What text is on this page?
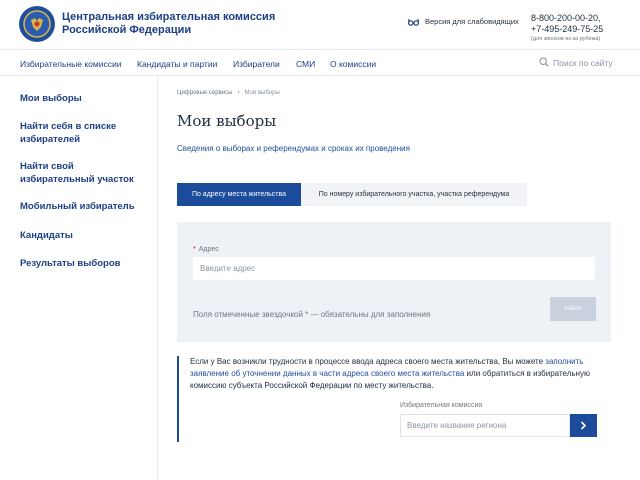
Центральная избирательная комиссия
Российской Федерации
Версия для слабовидящих 8-800-200-00-20,
+7-495-249-75-25
(для звонков из-за рубежа)
Избирательные комиссии Кандидаты и партии Избиратели СМИ О комиссии	Поиск по сайту
Мои выборы
Найти себя в списке избирателей
Найти свой избирательный участок
Мобильный избиратель
Кандидаты
Результаты выборов
Цифровые сервисы › Мои выборы
Мои выборы
Сведения о выборах и референдумах и сроках их проведения
По адресу места жительства	По номеру избирательного участка, участка референдума
* Адрес
Введите адрес
Поля отмеченные звездочкой * — обязательны для заполнения
Найти
Если у Вас возникли трудности в процессе ввода адреса своего места жительства, Вы можете заполнить заявление об уточнении данных в части адреса своего места жительства или обратиться в избирательную комиссию субъекта Российской Федерации по месту жительства.
Избирательная комиссия
Введите название региона
